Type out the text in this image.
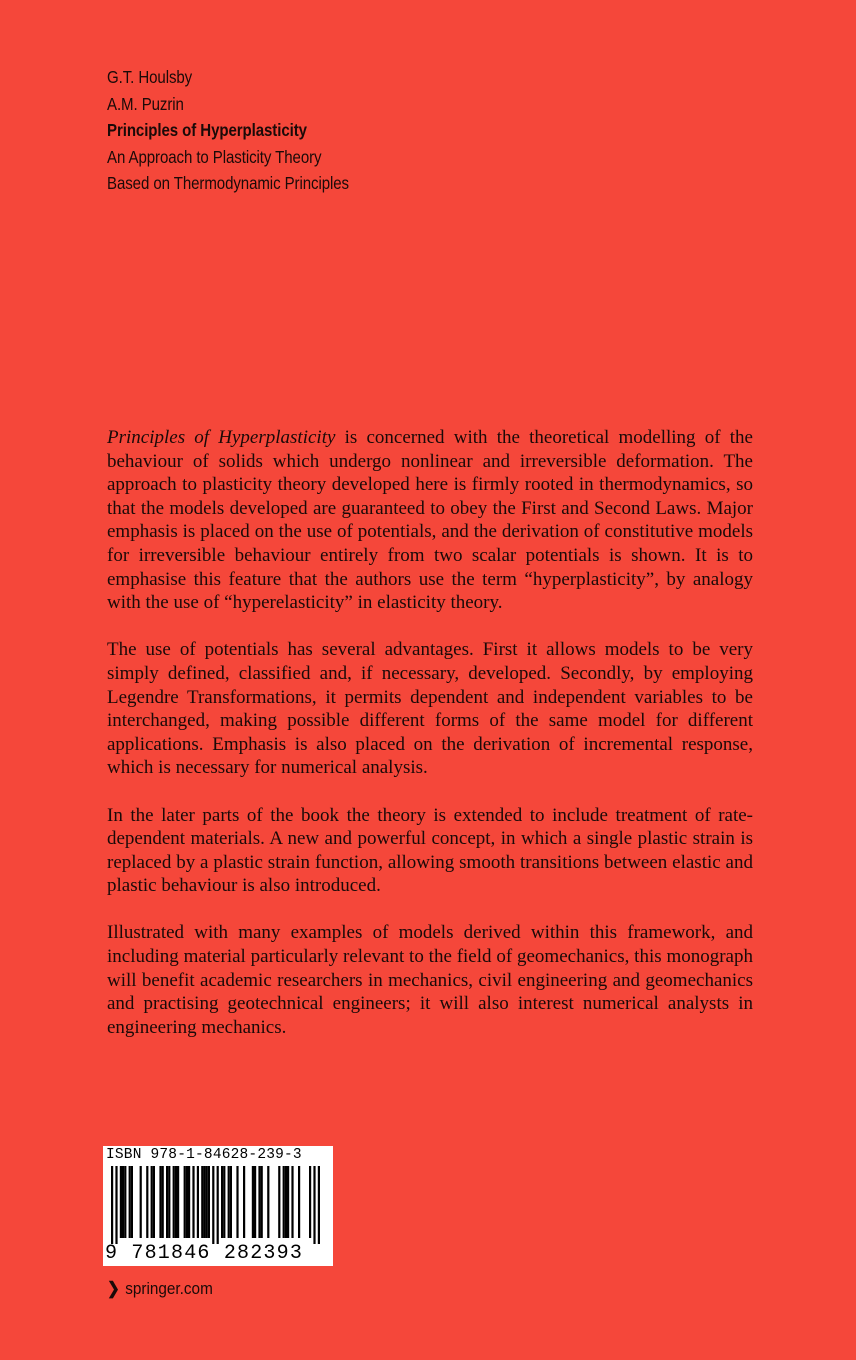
G.T. Houlsby
A.M. Puzrin
Principles of Hyperplasticity
An Approach to Plasticity Theory
Based on Thermodynamic Principles

Principles of Hyperplasticity is concerned with the theoretical modelling of the behaviour of solids which undergo nonlinear and irreversible deformation. The approach to plasticity theory developed here is firmly rooted in thermodynamics, so that the models developed are guaranteed to obey the First and Second Laws. Major emphasis is placed on the use of potentials, and the derivation of constitutive models for irreversible behaviour entirely from two scalar potentials is shown. It is to emphasise this feature that the authors use the term “hyperplasticity”, by analogy with the use of “hyperelasticity” in elasticity theory.

The use of potentials has several advantages. First it allows models to be very simply defined, classified and, if necessary, developed. Secondly, by employing Legendre Transformations, it permits dependent and independent variables to be interchanged, making possible different forms of the same model for different applications. Emphasis is also placed on the derivation of incremental response, which is necessary for numerical analysis.

In the later parts of the book the theory is extended to include treatment of rate-dependent materials. A new and powerful concept, in which a single plastic strain is replaced by a plastic strain function, allowing smooth transitions between elastic and plastic behaviour is also introduced.

Illustrated with many examples of models derived within this framework, and including material particularly relevant to the field of geomechanics, this monograph will benefit academic researchers in mechanics, civil engineering and geomechanics and practising geotechnical engineers; it will also interest numerical analysts in engineering mechanics.

ISBN 978-1-84628-239-3
9 781846 282393
❯ springer.com
